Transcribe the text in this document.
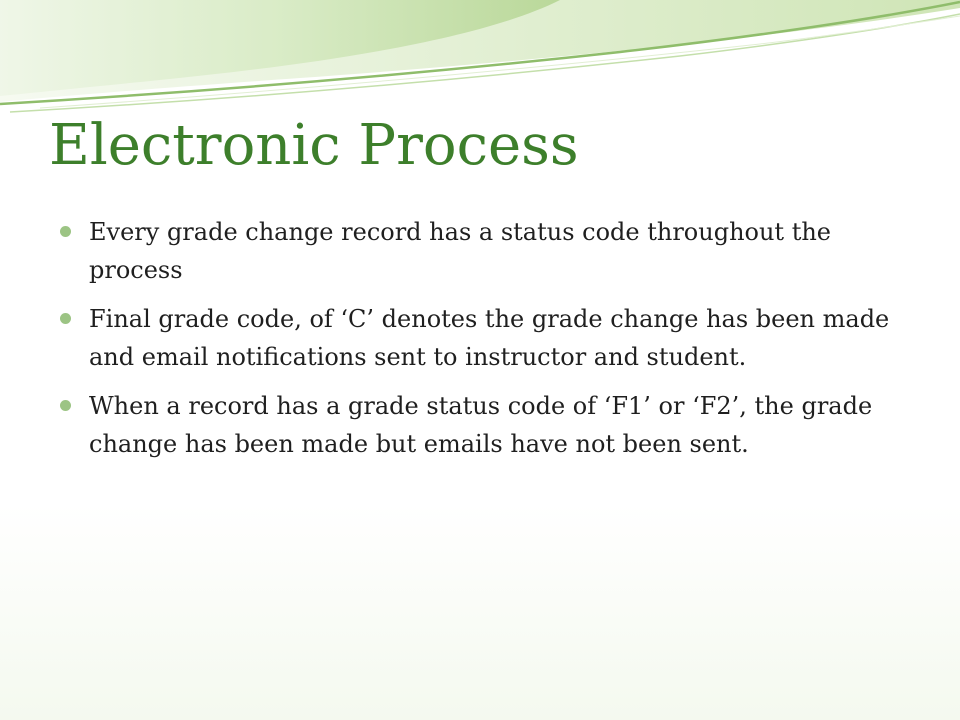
Electronic Process
Every grade change record has a status code throughout the process
Final grade code, of ‘C’ denotes the grade change has been made and email notifications sent to instructor and student.
When a record has a grade status code of ‘F1’ or ‘F2’, the grade change has been made but emails have not been sent.
